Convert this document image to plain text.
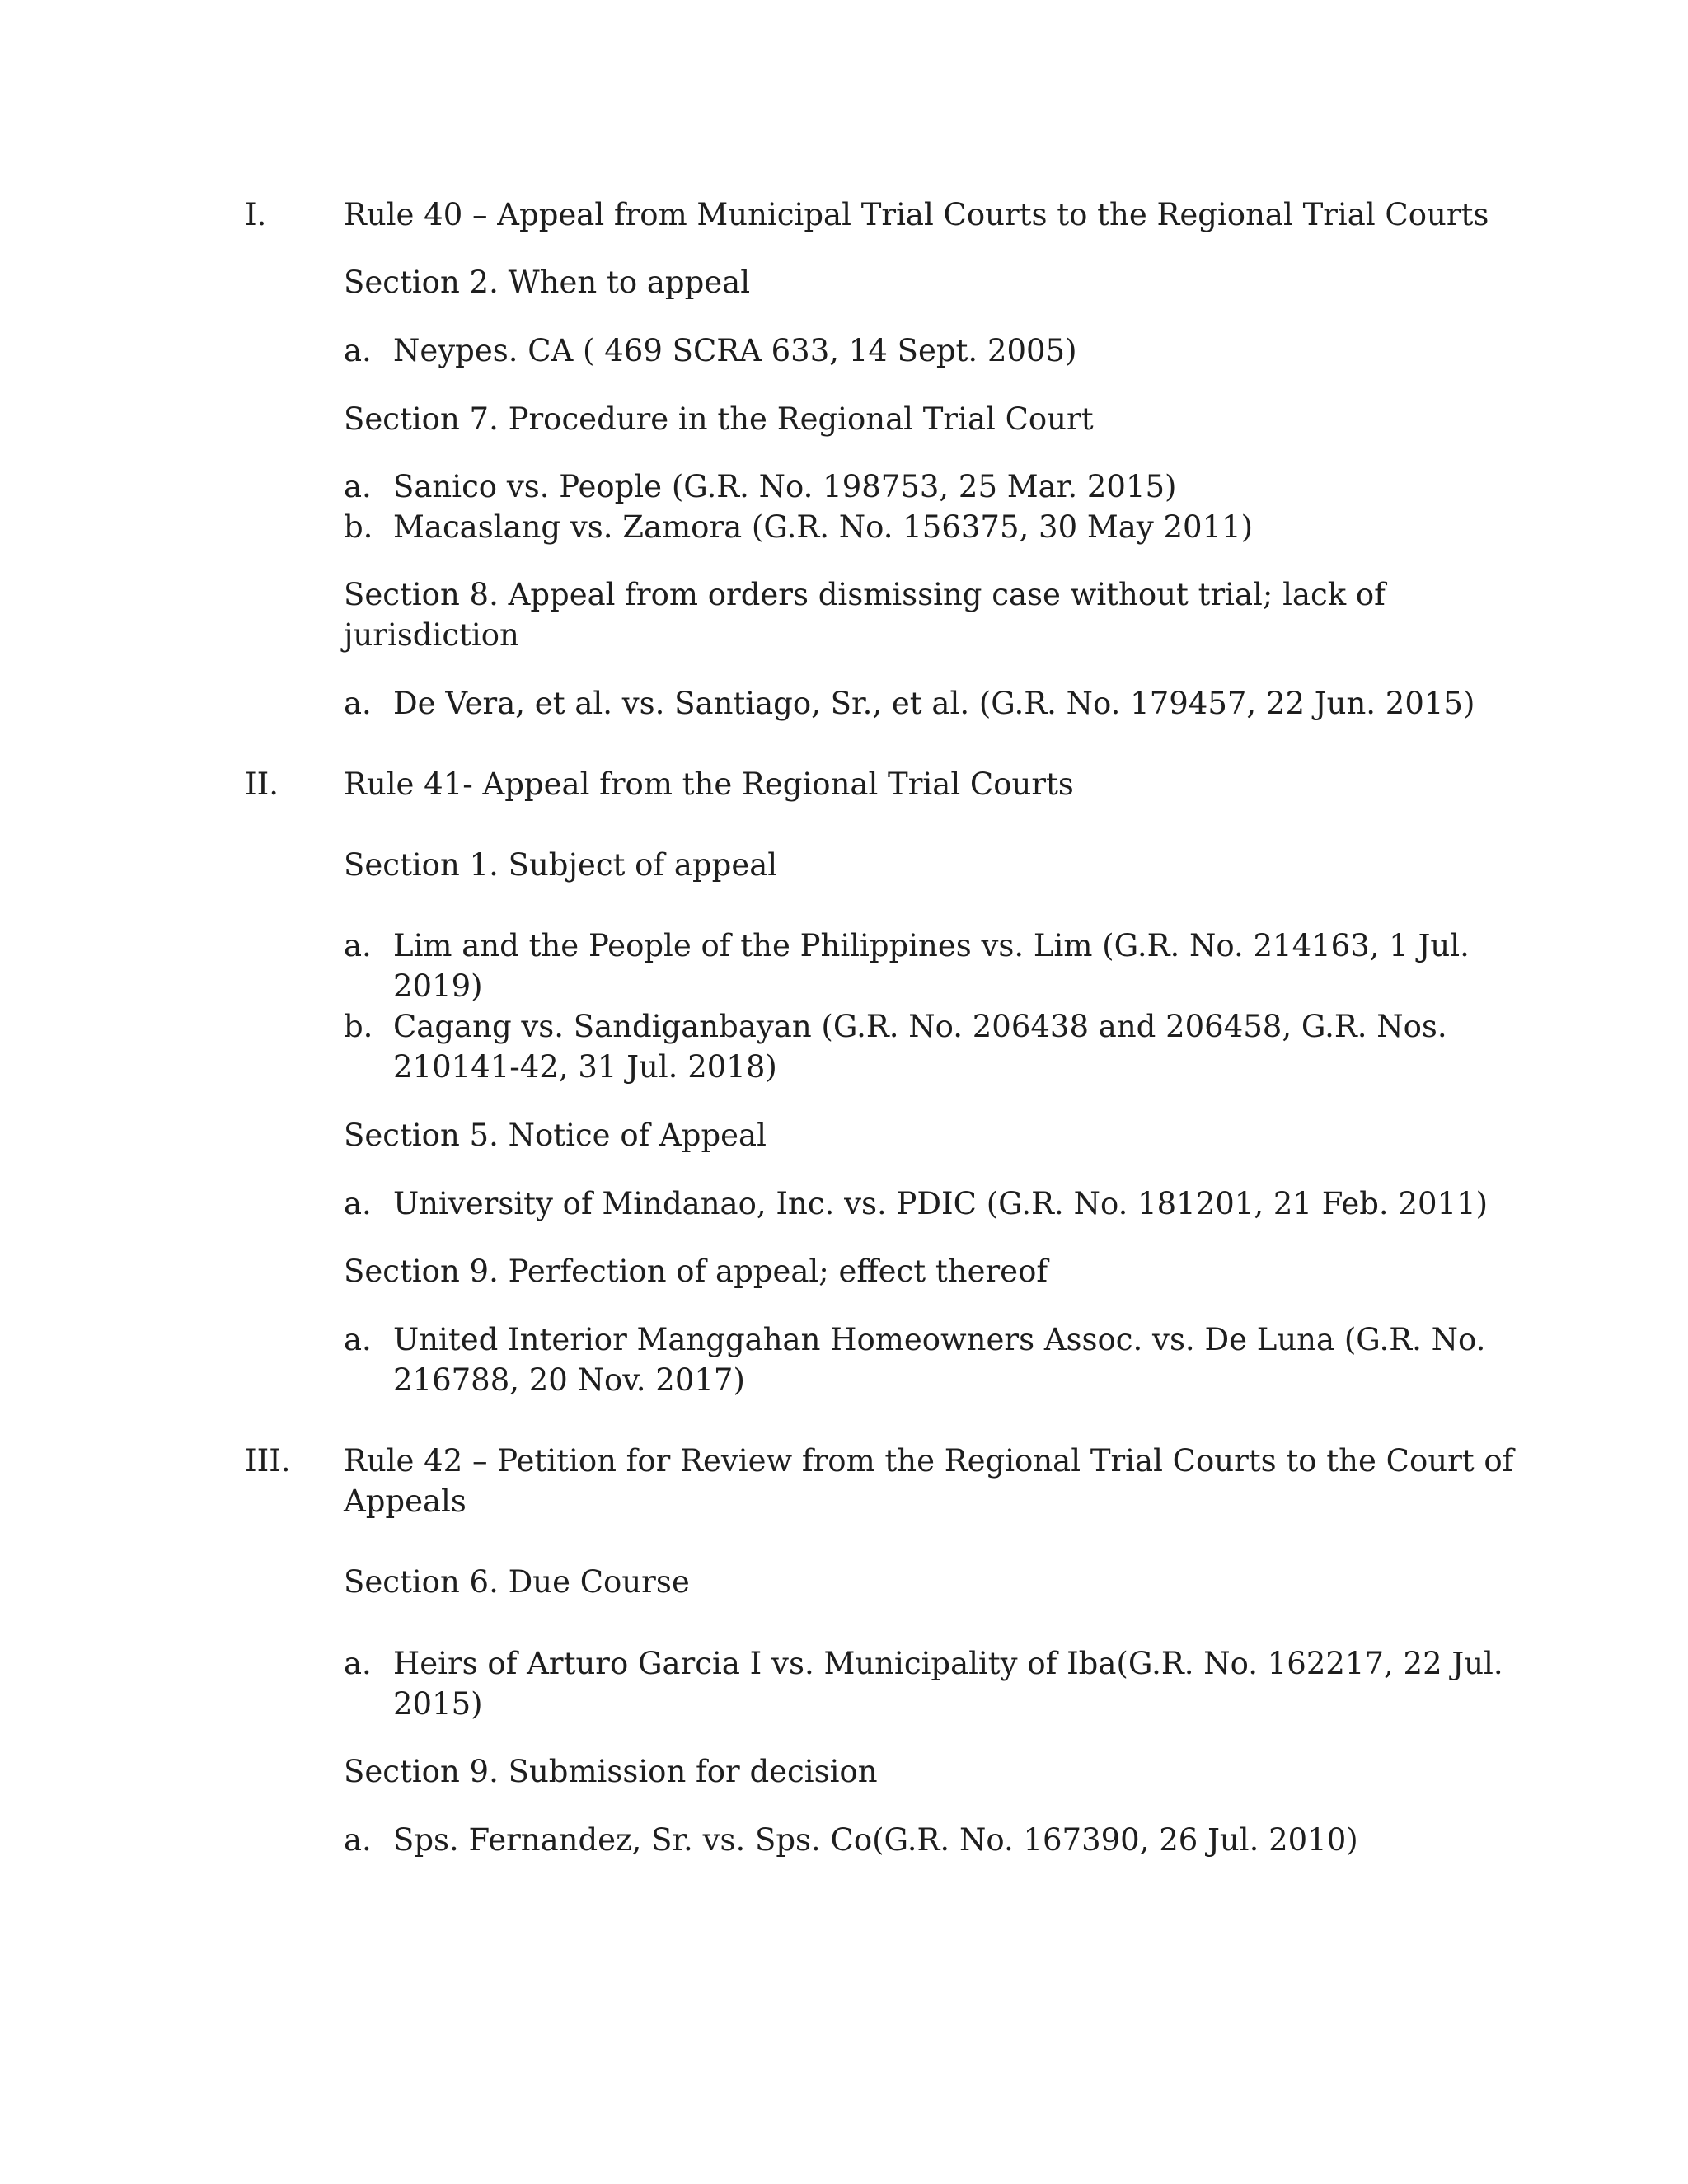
I.	Rule 40 – Appeal from Municipal Trial Courts to the Regional Trial Courts
Section 2. When to appeal
a. Neypes. CA ( 469 SCRA 633, 14 Sept. 2005)
Section 7. Procedure in the Regional Trial Court
a. Sanico vs. People (G.R. No. 198753, 25 Mar. 2015)
b. Macaslang vs. Zamora (G.R. No. 156375, 30 May 2011)
Section 8. Appeal from orders dismissing case without trial; lack of
jurisdiction
a. De Vera, et al. vs. Santiago, Sr., et al. (G.R. No. 179457, 22 Jun. 2015)
II. Rule 41- Appeal from the Regional Trial Courts
Section 1. Subject of appeal
a. Lim and the People of the Philippines vs. Lim (G.R. No. 214163, 1 Jul.
2019)
b. Cagang vs. Sandiganbayan (G.R. No. 206438 and 206458, G.R. Nos.
210141-42, 31 Jul. 2018)
Section 5. Notice of Appeal
a. University of Mindanao, Inc. vs. PDIC (G.R. No. 181201, 21 Feb. 2011)
Section 9. Perfection of appeal; effect thereof
a. United Interior Manggahan Homeowners Assoc. vs. De Luna (G.R. No.
216788, 20 Nov. 2017)
III. Rule 42 – Petition for Review from the Regional Trial Courts to the Court of
Appeals
Section 6. Due Course
a. Heirs of Arturo Garcia I vs. Municipality of Iba(G.R. No. 162217, 22 Jul.
2015)
Section 9. Submission for decision
a. Sps. Fernandez, Sr. vs. Sps. Co(G.R. No. 167390, 26 Jul. 2010)
